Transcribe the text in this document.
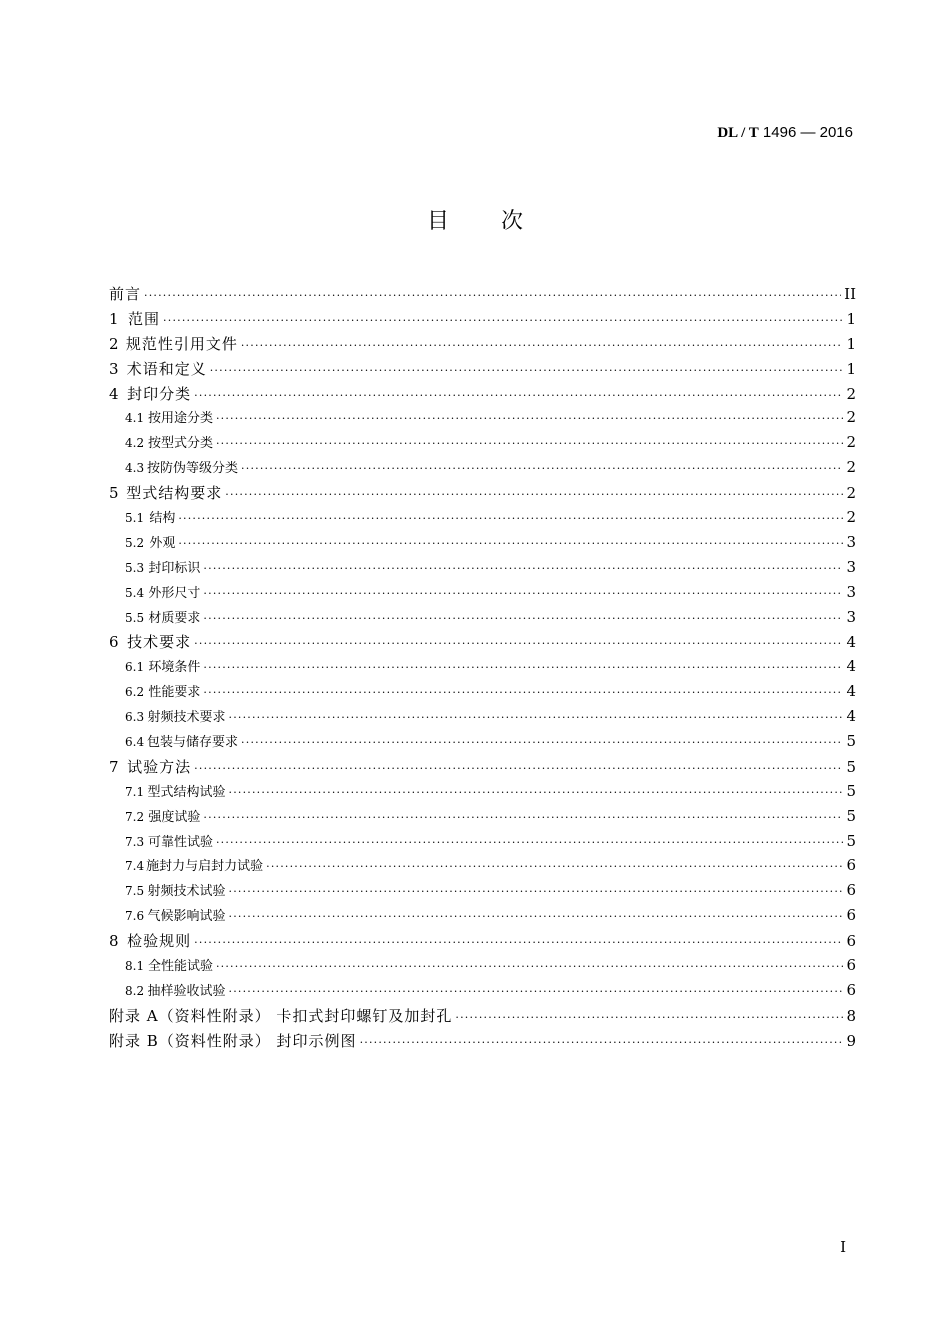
DL / T 1496 — 2016
目次
前言 ·····	II
1 范围 ·····	1
2 规范性引用文件 ·····	1
3 术语和定义 ·····	1
4 封印分类 ·····	2
4.1 按用途分类 ·····	2
4.2 按型式分类 ·····	2
4.3 按防伪等级分类 ·····	2
5 型式结构要求 ·····	2
5.1 结构 ·····	2
5.2 外观 ·····	3
5.3 封印标识 ·····	3
5.4 外形尺寸 ·····	3
5.5 材质要求 ·····	3
6 技术要求 ·····	4
6.1 环境条件 ·····	4
6.2 性能要求 ·····	4
6.3 射频技术要求 ·····	4
6.4 包装与储存要求 ·····	5
7 试验方法 ·····	5
7.1 型式结构试验 ·····	5
7.2 强度试验 ·····	5
7.3 可靠性试验 ·····	5
7.4 施封力与启封力试验 ·····	6
7.5 射频技术试验 ·····	6
7.6 气候影响试验 ·····	6
8 检验规则 ·····	6
8.1 全性能试验 ·····	6
8.2 抽样验收试验 ·····	6
附录 A（资料性附录） 卡扣式封印螺钉及加封孔 ·····	8
附录 B（资料性附录） 封印示例图 ·····	9
I
